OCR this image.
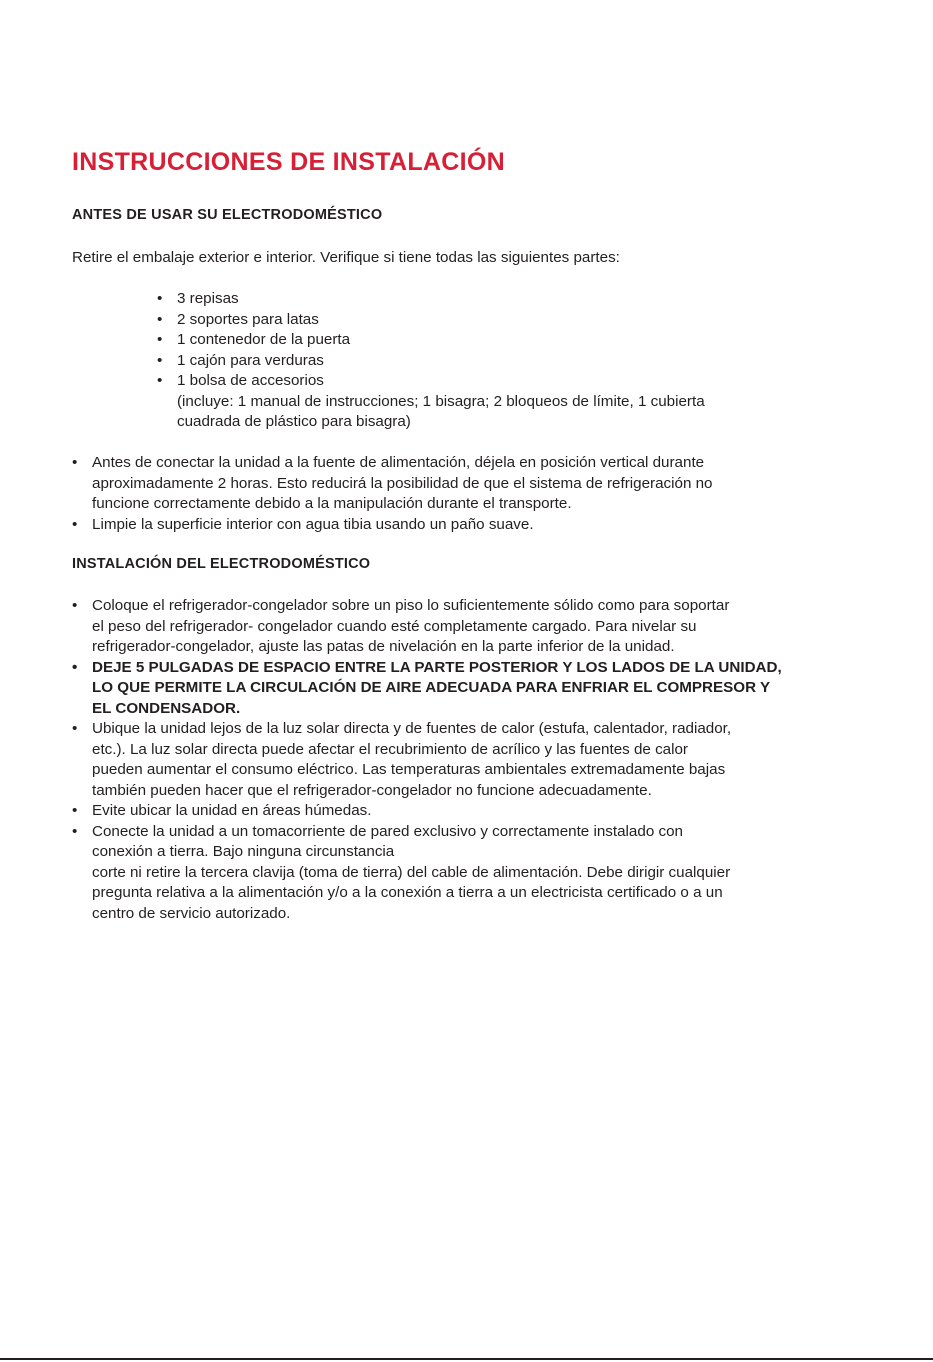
INSTRUCCIONES DE INSTALACIÓN
ANTES DE USAR SU ELECTRODOMÉSTICO

Retire el embalaje exterior e interior. Verifique si tiene todas las siguientes partes:

• 3 repisas
• 2 soportes para latas
• 1 contenedor de la puerta
• 1 cajón para verduras
• 1 bolsa de accesorios
(incluye: 1 manual de instrucciones; 1 bisagra; 2 bloqueos de límite, 1 cubierta
cuadrada de plástico para bisagra)
• Antes de conectar la unidad a la fuente de alimentación, déjela en posición vertical durante
aproximadamente 2 horas. Esto reducirá la posibilidad de que el sistema de refrigeración no
funcione correctamente debido a la manipulación durante el transporte.
• Limpie la superficie interior con agua tibia usando un paño suave.
INSTALACIÓN DEL ELECTRODOMÉSTICO
• Coloque el refrigerador-congelador sobre un piso lo suficientemente sólido como para soportar
el peso del refrigerador- congelador cuando esté completamente cargado. Para nivelar su
refrigerador-congelador, ajuste las patas de nivelación en la parte inferior de la unidad.
• DEJE 5 PULGADAS DE ESPACIO ENTRE LA PARTE POSTERIOR Y LOS LADOS DE LA UNIDAD,
LO QUE PERMITE LA CIRCULACIÓN DE AIRE ADECUADA PARA ENFRIAR EL COMPRESOR Y
EL CONDENSADOR.
• Ubique la unidad lejos de la luz solar directa y de fuentes de calor (estufa, calentador, radiador,
etc.). La luz solar directa puede afectar el recubrimiento de acrílico y las fuentes de calor
pueden aumentar el consumo eléctrico. Las temperaturas ambientales extremadamente bajas
también pueden hacer que el refrigerador-congelador no funcione adecuadamente.
• Evite ubicar la unidad en áreas húmedas.
• Conecte la unidad a un tomacorriente de pared exclusivo y correctamente instalado con
conexión a tierra. Bajo ninguna circunstancia
corte ni retire la tercera clavija (toma de tierra) del cable de alimentación. Debe dirigir cualquier
pregunta relativa a la alimentación y/o a la conexión a tierra a un electricista certificado o a un
centro de servicio autorizado.
